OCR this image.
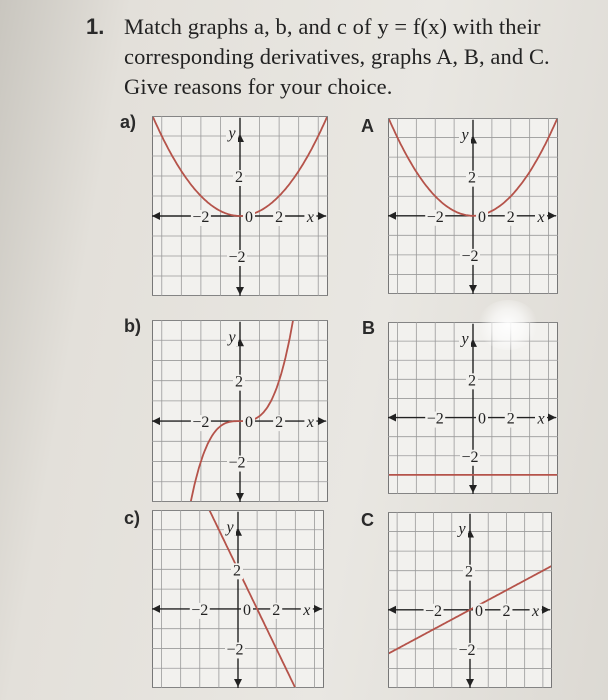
1. Match graphs a, b, and c of y = f(x) with their
corresponding derivatives, graphs A, B, and C.
Give reasons for your choice.
a)	A
b)	B
c)	C
−2 0 2 x
2
−2
y
−2 0 2 x
2
−2
y
−2 0 2 x
2
−2
y
−2 0 2 x
2
−2
y
−2 0 2 x
2
−2
y
−2 0 2 x
2
−2
y
